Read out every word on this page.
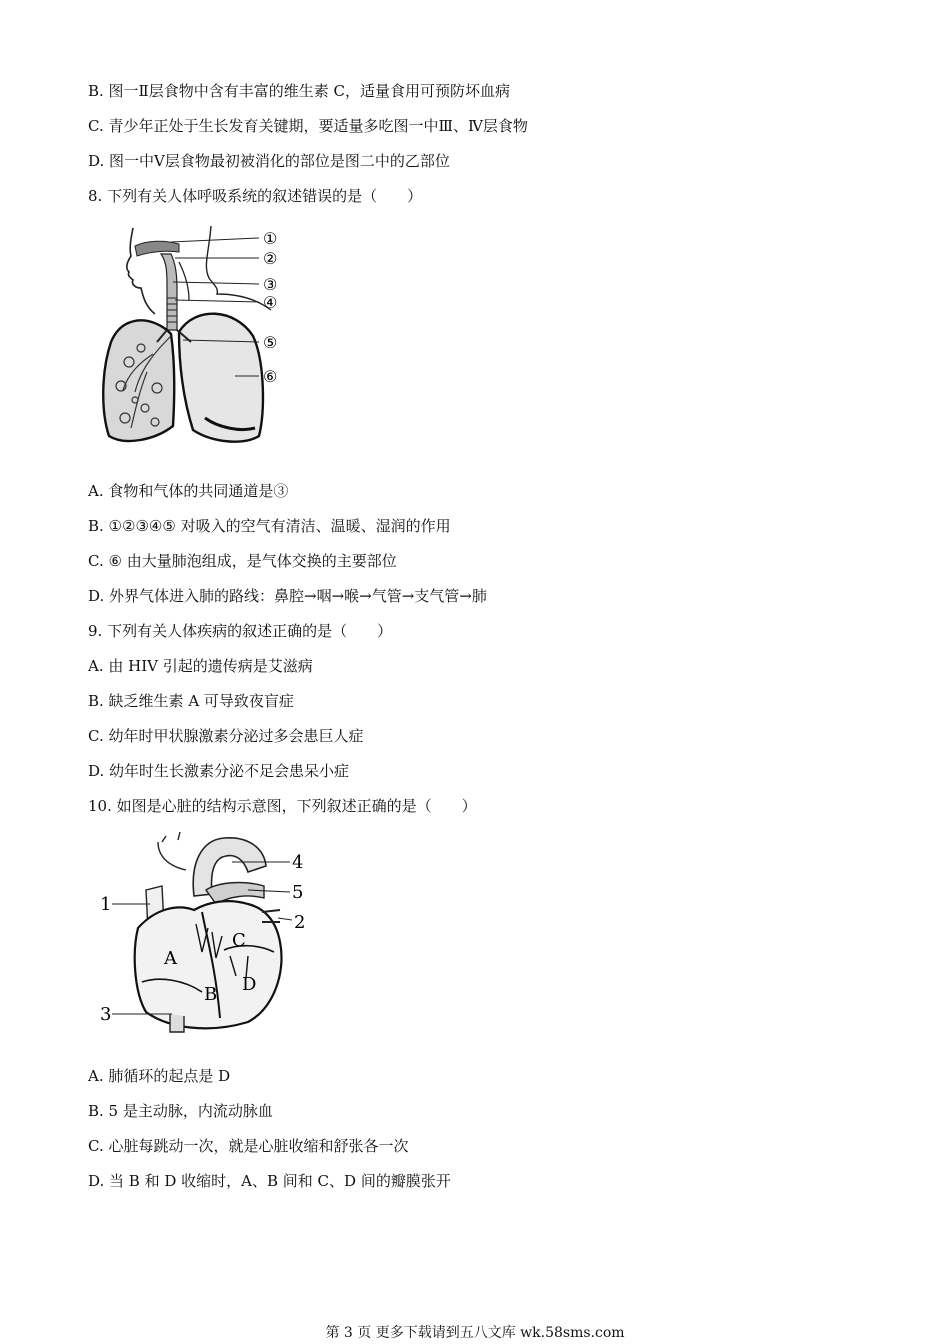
B. 图一Ⅱ层食物中含有丰富的维生素 C，适量食用可预防坏血病
C. 青少年正处于生长发育关键期，要适量多吃图一中Ⅲ、Ⅳ层食物
D. 图一中Ⅴ层食物最初被消化的部位是图二中的乙部位
8. 下列有关人体呼吸系统的叙述错误的是（　　）
①
②
③
④
⑤
⑥
A. 食物和气体的共同通道是③
B. ①②③④⑤ 对吸入的空气有清洁、温暖、湿润的作用
C. ⑥ 由大量肺泡组成，是气体交换的主要部位
D. 外界气体进入肺的路线：鼻腔→咽→喉→气管→支气管→肺
9. 下列有关人体疾病的叙述正确的是（　　）
A. 由 HIV 引起的遗传病是艾滋病
B. 缺乏维生素 A 可导致夜盲症
C. 幼年时甲状腺激素分泌过多会患巨人症
D. 幼年时生长激素分泌不足会患呆小症
10. 如图是心脏的结构示意图，下列叙述正确的是（　　）
4
5
2
1
3
A
B
C
D
A. 肺循环的起点是 D
B. 5 是主动脉，内流动脉血
C. 心脏每跳动一次，就是心脏收缩和舒张各一次
D. 当 B 和 D 收缩时，A、B 间和 C、D 间的瓣膜张开
第 3 页 更多下载请到五八文库 wk.58sms.com
